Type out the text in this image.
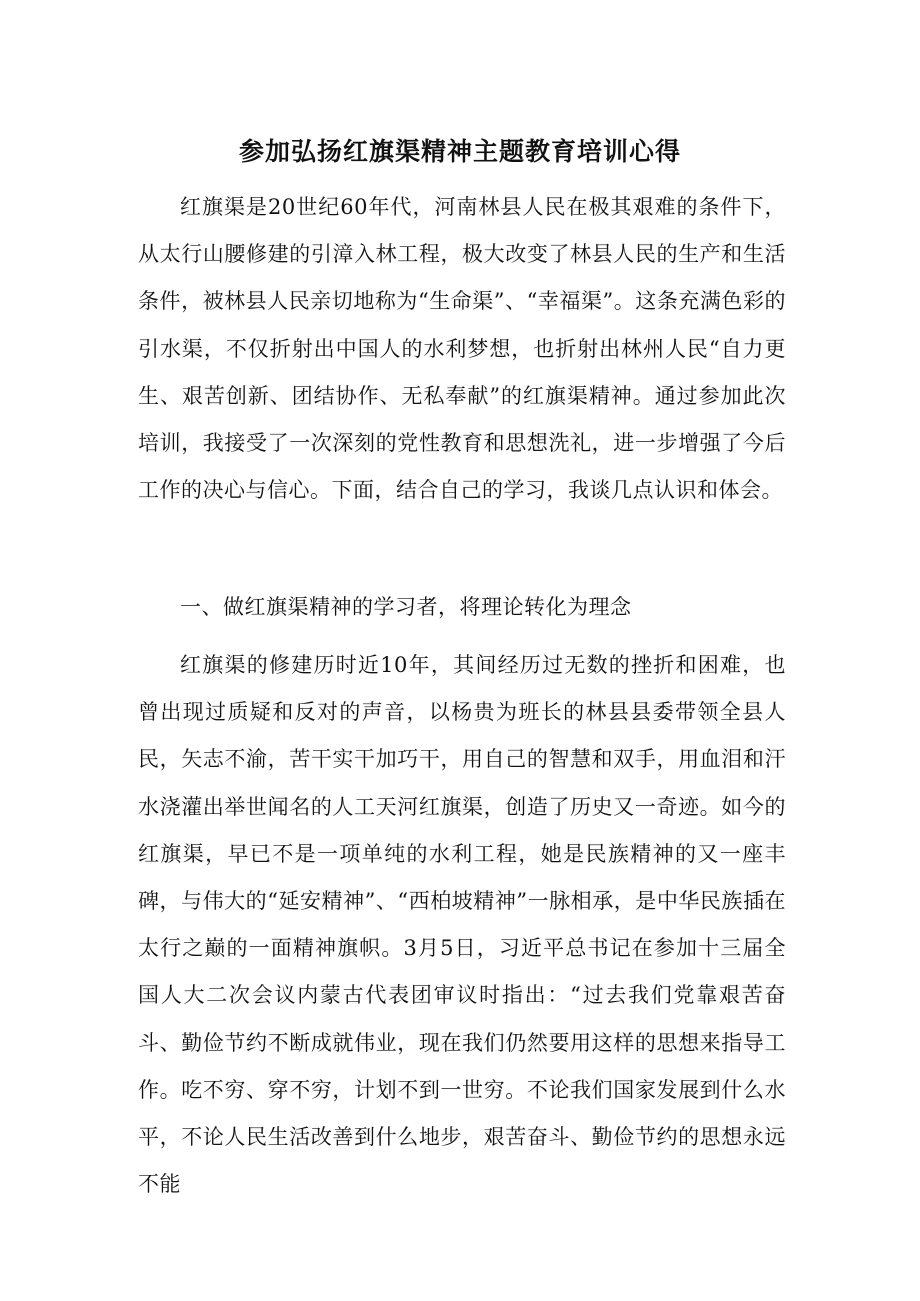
参加弘扬红旗渠精神主题教育培训心得

红旗渠是20世纪60年代，河南林县人民在极其艰难的条件下，从太行山腰修建的引漳入林工程，极大改变了林县人民的生产和生活条件，被林县人民亲切地称为“生命渠”、“幸福渠”。这条充满色彩的引水渠，不仅折射出中国人的水利梦想，也折射出林州人民“自力更生、艰苦创新、团结协作、无私奉献”的红旗渠精神。通过参加此次培训，我接受了一次深刻的党性教育和思想洗礼，进一步增强了今后工作的决心与信心。下面，结合自己的学习，我谈几点认识和体会。

一、做红旗渠精神的学习者，将理论转化为理念

红旗渠的修建历时近10年，其间经历过无数的挫折和困难，也曾出现过质疑和反对的声音，以杨贵为班长的林县县委带领全县人民，矢志不渝，苦干实干加巧干，用自己的智慧和双手，用血泪和汗水浇灌出举世闻名的人工天河红旗渠，创造了历史又一奇迹。如今的红旗渠，早已不是一项单纯的水利工程，她是民族精神的又一座丰碑，与伟大的“延安精神”、“西柏坡精神”一脉相承，是中华民族插在太行之巅的一面精神旗帜。3月5日，习近平总书记在参加十三届全国人大二次会议内蒙古代表团审议时指出：“过去我们党靠艰苦奋斗、勤俭节约不断成就伟业，现在我们仍然要用这样的思想来指导工作。吃不穷、穿不穷，计划不到一世穷。不论我们国家发展到什么水平，不论人民生活改善到什么地步，艰苦奋斗、勤俭节约的思想永远不能
